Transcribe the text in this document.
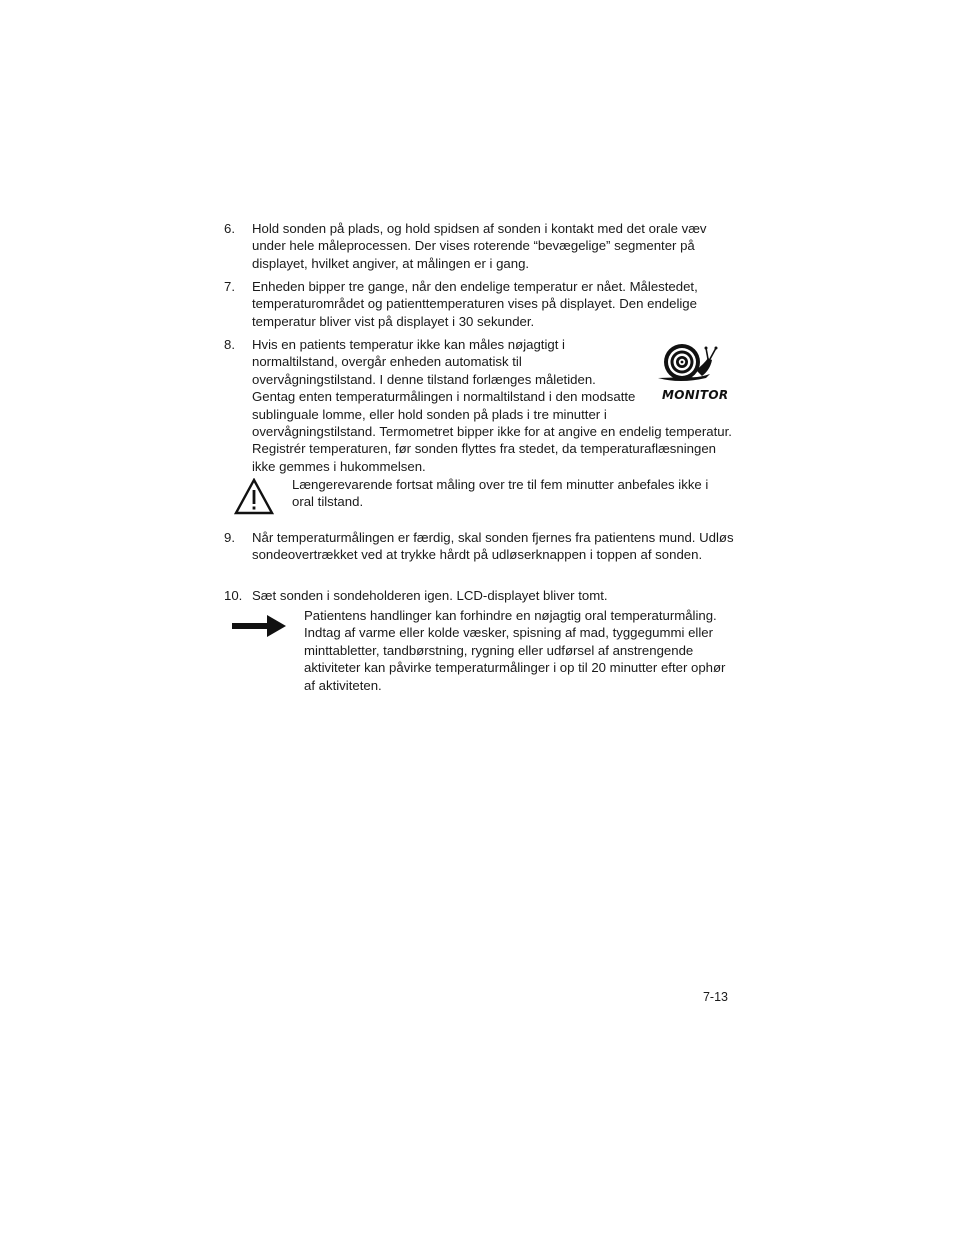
6. Hold sonden på plads, og hold spidsen af sonden i kontakt med det orale væv under hele måleprocessen. Der vises roterende “bevægelige” segmenter på displayet, hvilket angiver, at målingen er i gang.
7. Enheden bipper tre gange, når den endelige temperatur er nået. Målestedet, temperaturområdet og patienttemperaturen vises på displayet. Den endelige temperatur bliver vist på displayet i 30 sekunder.
8.
MONITOR
Hvis en patients temperatur ikke kan måles nøjagtigt i normaltilstand, overgår enheden automatisk til overvågningstilstand. I denne tilstand forlænges måletiden. Gentag enten temperaturmålingen i normaltilstand i den modsatte sublinguale lomme, eller hold sonden på plads i tre minutter i overvågningstilstand. Termometret bipper ikke for at angive en endelig temperatur. Registrér temperaturen, før sonden flyttes fra stedet, da temperaturaflæsningen ikke gemmes i hukommelsen.
Længerevarende fortsat måling over tre til fem minutter anbefales ikke i oral tilstand.
9. Når temperaturmålingen er færdig, skal sonden fjernes fra patientens mund. Udløs sondeovertrækket ved at trykke hårdt på udløserknappen i toppen af sonden.
10. Sæt sonden i sondeholderen igen. LCD-displayet bliver tomt.
Patientens handlinger kan forhindre en nøjagtig oral temperaturmåling. Indtag af varme eller kolde væsker, spisning af mad, tyggegummi eller minttabletter, tandbørstning, rygning eller udførsel af anstrengende aktiviteter kan påvirke temperaturmålinger i op til 20 minutter efter ophør af aktiviteten.
7-13
